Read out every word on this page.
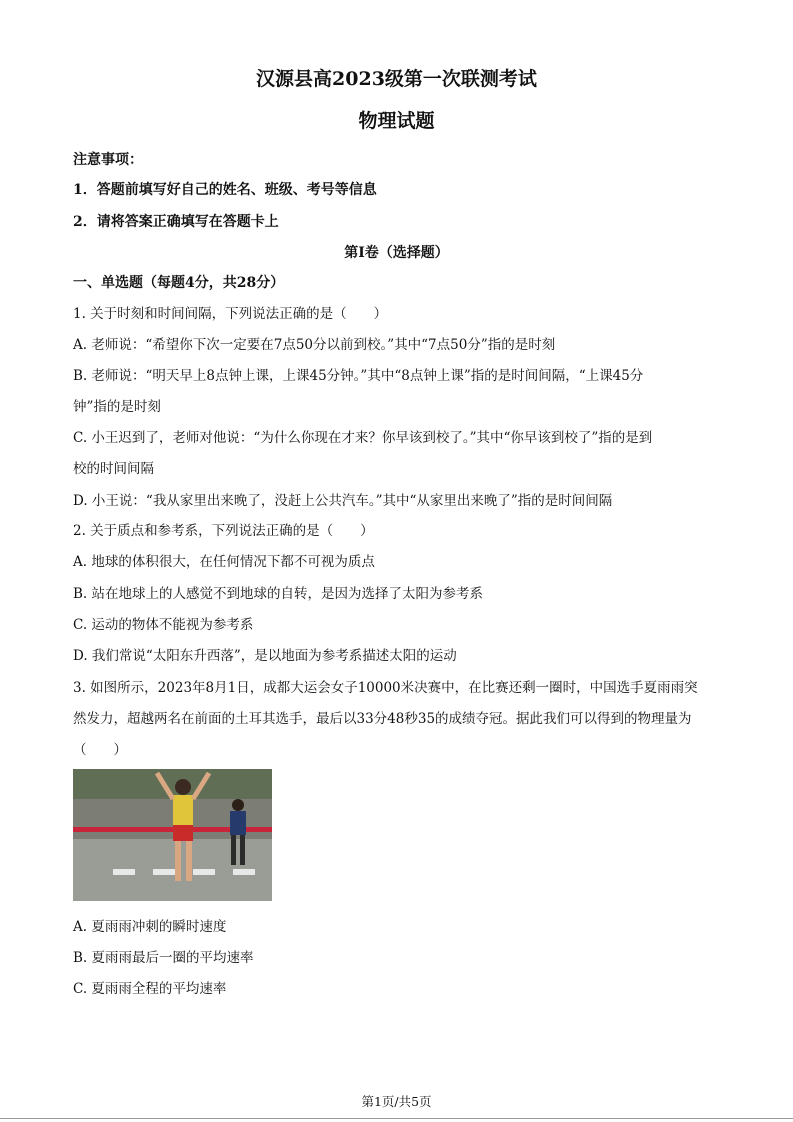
汉源县高2023级第一次联测考试
物理试题
注意事项：
1．答题前填写好自己的姓名、班级、考号等信息
2．请将答案正确填写在答题卡上
第I卷（选择题）
一、单选题（每题4分，共28分）
1. 关于时刻和时间间隔，下列说法正确的是（　　）
A. 老师说：“希望你下次一定要在7点50分以前到校。”其中“7点50分”指的是时刻
B. 老师说：“明天早上8点钟上课，上课45分钟。”其中“8点钟上课”指的是时间间隔，“上课45分
钟”指的是时刻
C. 小王迟到了，老师对他说：“为什么你现在才来？你早该到校了。”其中“你早该到校了”指的是到
校的时间间隔
D. 小王说：“我从家里出来晚了，没赶上公共汽车。”其中“从家里出来晚了”指的是时间间隔
2. 关于质点和参考系，下列说法正确的是（　　）
A. 地球的体积很大，在任何情况下都不可视为质点
B. 站在地球上的人感觉不到地球的自转，是因为选择了太阳为参考系
C. 运动的物体不能视为参考系
D. 我们常说“太阳东升西落”，是以地面为参考系描述太阳的运动
3. 如图所示，2023年8月1日，成都大运会女子10000米决赛中，在比赛还剩一圈时，中国选手夏雨雨突
然发力，超越两名在前面的土耳其选手，最后以33分48秒35的成绩夺冠。据此我们可以得到的物理量为
（　　）
A. 夏雨雨冲刺的瞬时速度
B. 夏雨雨最后一圈的平均速率
C. 夏雨雨全程的平均速率
第1页/共5页
